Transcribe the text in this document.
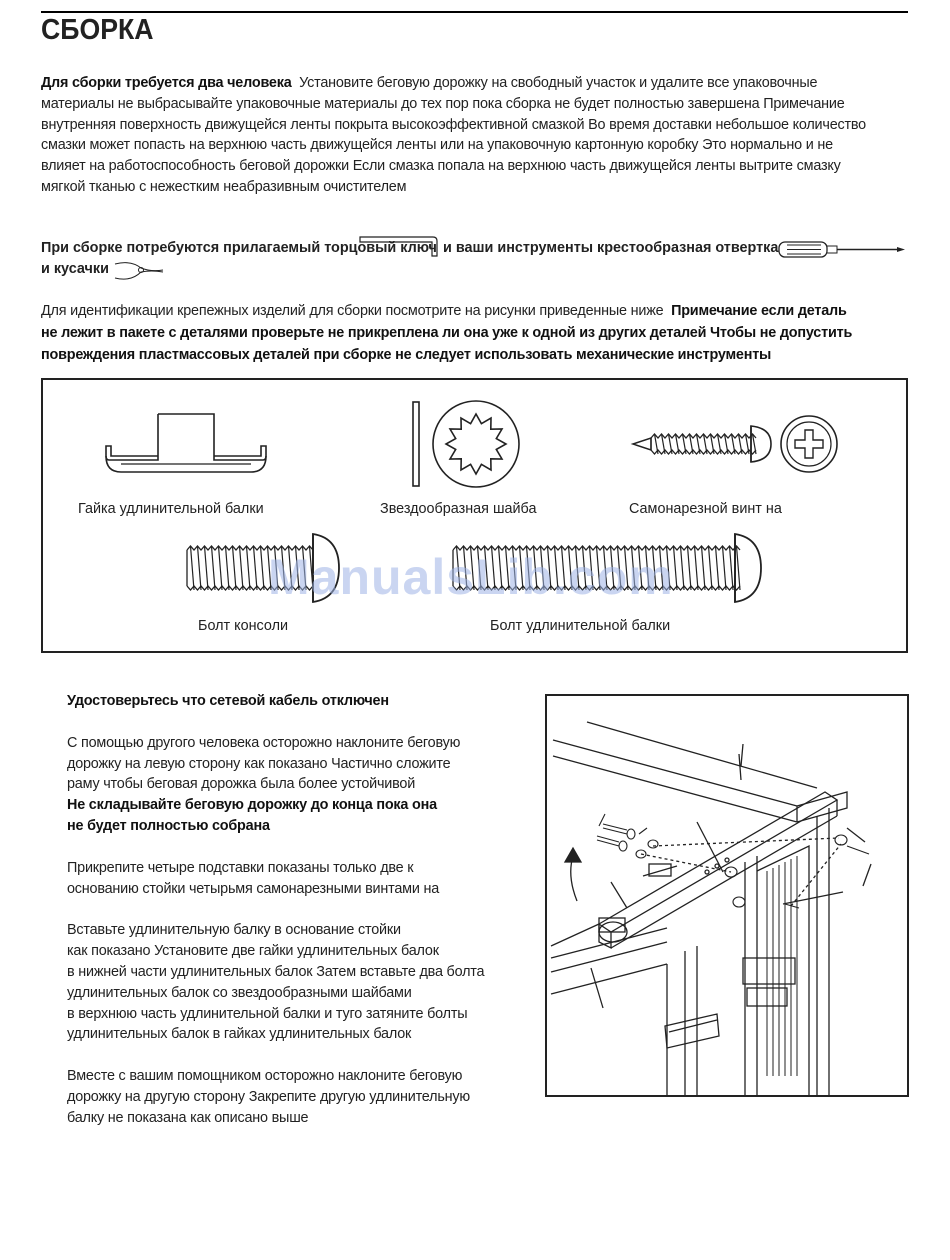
СБОРКА
Для сборки требуется два человека Установите беговую дорожку на свободный участок и удалите все упаковочные
материалы не выбрасывайте упаковочные материалы до тех пор пока сборка не будет полностью завершена Примечание
внутренняя поверхность движущейся ленты покрыта высокоэффективной смазкой Во время доставки небольшое количество
смазки может попасть на верхнюю часть движущейся ленты или на упаковочную картонную коробку Это нормально и не
влияет на работоспособность беговой дорожки Если смазка попала на верхнюю часть движущейся ленты вытрите смазку
мягкой тканью с нежестким неабразивным очистителем
При сборке потребуются прилагаемый торцовый ключ и ваши инструменты крестообразная отвертка
и кусачки
Для идентификации крепежных изделий для сборки посмотрите на рисунки приведенные ниже Примечание если деталь
не лежит в пакете с деталями проверьте не прикреплена ли она уже к одной из других деталей Чтобы не допустить
повреждения пластмассовых деталей при сборке не следует использовать механические инструменты
Гайка удлинительной балки	Звездообразная шайба	Самонарезной винт на
Болт консоли	Болт удлинительной балки
ManualsLib.com
Удостоверьтесь что сетевой кабель отключен
С помощью другого человека осторожно наклоните беговую
дорожку на левую сторону как показано Частично сложите
раму чтобы беговая дорожка была более устойчивой
Не складывайте беговую дорожку до конца пока она
не будет полностью собрана
Прикрепите четыре подставки показаны только две к
основанию стойки четырьмя самонарезными винтами на
Вставьте удлинительную балку в основание стойки
как показано Установите две гайки удлинительных балок
в нижней части удлинительных балок Затем вставьте два болта
удлинительных балок со звездообразными шайбами
в верхнюю часть удлинительной балки и туго затяните болты
удлинительных балок в гайках удлинительных балок
Вместе с вашим помощником осторожно наклоните беговую
дорожку на другую сторону Закрепите другую удлинительную
балку не показана как описано выше
